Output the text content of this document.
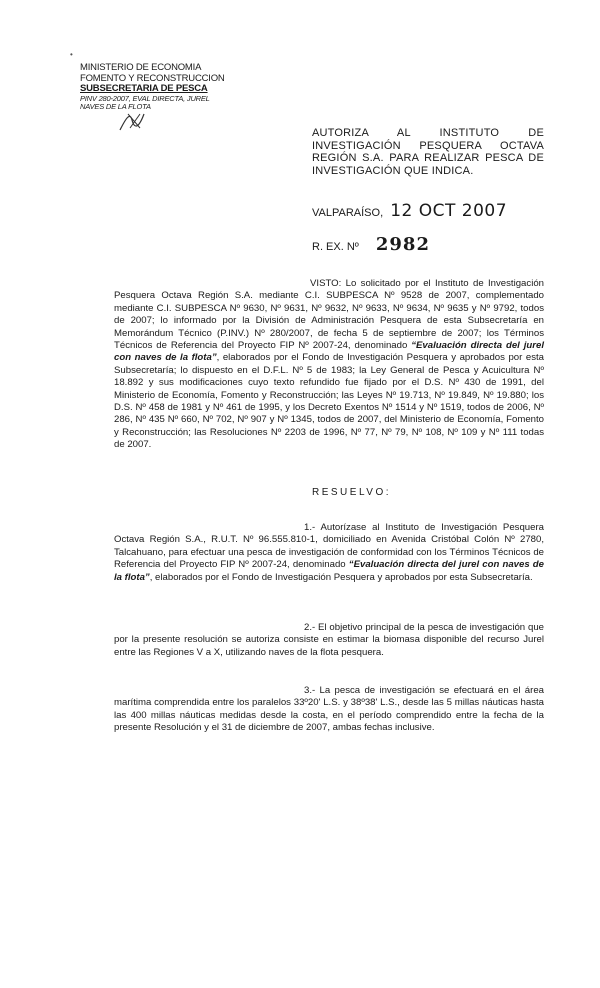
•
MINISTERIO DE ECONOMIA
FOMENTO Y RECONSTRUCCION
SUBSECRETARIA DE PESCA
PINV 280-2007, EVAL DIRECTA, JUREL
NAVES DE LA FLOTA
AUTORIZA AL INSTITUTO DE INVESTIGACIÓN PESQUERA OCTAVA REGIÓN S.A. PARA REALIZAR PESCA DE INVESTIGACIÓN QUE INDICA.
VALPARAÍSO, 12 OCT 2007
R. EX. Nº 2982
VISTO: Lo solicitado por el Instituto de Investigación Pesquera Octava Región S.A. mediante C.I. SUBPESCA Nº 9528 de 2007, complementado mediante C.I. SUBPESCA Nº 9630, Nº 9631, Nº 9632, Nº 9633, Nº 9634, Nº 9635 y Nº 9792, todos de 2007; lo informado por la División de Administración Pesquera de esta Subsecretaría en Memorándum Técnico (P.INV.) Nº 280/2007, de fecha 5 de septiembre de 2007; los Términos Técnicos de Referencia del Proyecto FIP Nº 2007-24, denominado “Evaluación directa del jurel con naves de la flota”, elaborados por el Fondo de Investigación Pesquera y aprobados por esta Subsecretaría; lo dispuesto en el D.F.L. Nº 5 de 1983; la Ley General de Pesca y Acuicultura Nº 18.892 y sus modificaciones cuyo texto refundido fue fijado por el D.S. Nº 430 de 1991, del Ministerio de Economía, Fomento y Reconstrucción; las Leyes Nº 19.713, Nº 19.849, Nº 19.880; los D.S. Nº 458 de 1981 y Nº 461 de 1995, y los Decreto Exentos Nº 1514 y Nº 1519, todos de 2006, Nº 286, Nº 435 Nº 660, Nº 702, Nº 907 y Nº 1345, todos de 2007, del Ministerio de Economía, Fomento y Reconstrucción; las Resoluciones Nº 2203 de 1996, Nº 77, Nº 79, Nº 108, Nº 109 y Nº 111 todas de 2007.
RESUELVO:
1.- Autorízase al Instituto de Investigación Pesquera Octava Región S.A., R.U.T. Nº 96.555.810-1, domiciliado en Avenida Cristóbal Colón Nº 2780, Talcahuano, para efectuar una pesca de investigación de conformidad con los Términos Técnicos de Referencia del Proyecto FIP Nº 2007-24, denominado “Evaluación directa del jurel con naves de la flota”, elaborados por el Fondo de Investigación Pesquera y aprobados por esta Subsecretaría.
2.- El objetivo principal de la pesca de investigación que por la presente resolución se autoriza consiste en estimar la biomasa disponible del recurso Jurel entre las Regiones V a X, utilizando naves de la flota pesquera.
3.- La pesca de investigación se efectuará en el área marítima comprendida entre los paralelos 33º20' L.S. y 38º38' L.S., desde las 5 millas náuticas hasta las 400 millas náuticas medidas desde la costa, en el período comprendido entre la fecha de la presente Resolución y el 31 de diciembre de 2007, ambas fechas inclusive.
